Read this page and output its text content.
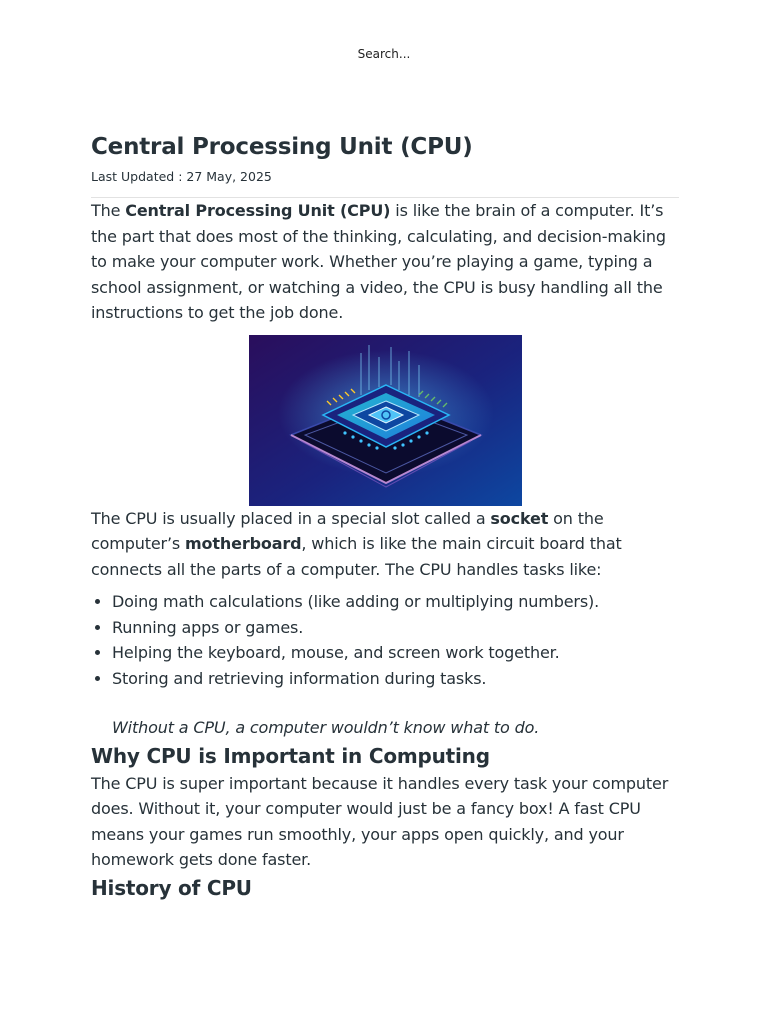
Search...
Central Processing Unit (CPU)
Last Updated : 27 May, 2025

The Central Processing Unit (CPU) is like the brain of a computer. It’s the part that does most of the thinking, calculating, and decision-making to make your computer work. Whether you’re playing a game, typing a school assignment, or watching a video, the CPU is busy handling all the instructions to get the job done.

The CPU is usually placed in a special slot called a socket on the computer’s motherboard, which is like the main circuit board that connects all the parts of a computer. The CPU handles tasks like:

• Doing math calculations (like adding or multiplying numbers).
• Running apps or games.
• Helping the keyboard, mouse, and screen work together.
• Storing and retrieving information during tasks.
Without a CPU, a computer wouldn’t know what to do.
Why CPU is Important in Computing

The CPU is super important because it handles every task your computer does. Without it, your computer would just be a fancy box! A fast CPU means your games run smoothly, your apps open quickly, and your homework gets done faster.

History of CPU
